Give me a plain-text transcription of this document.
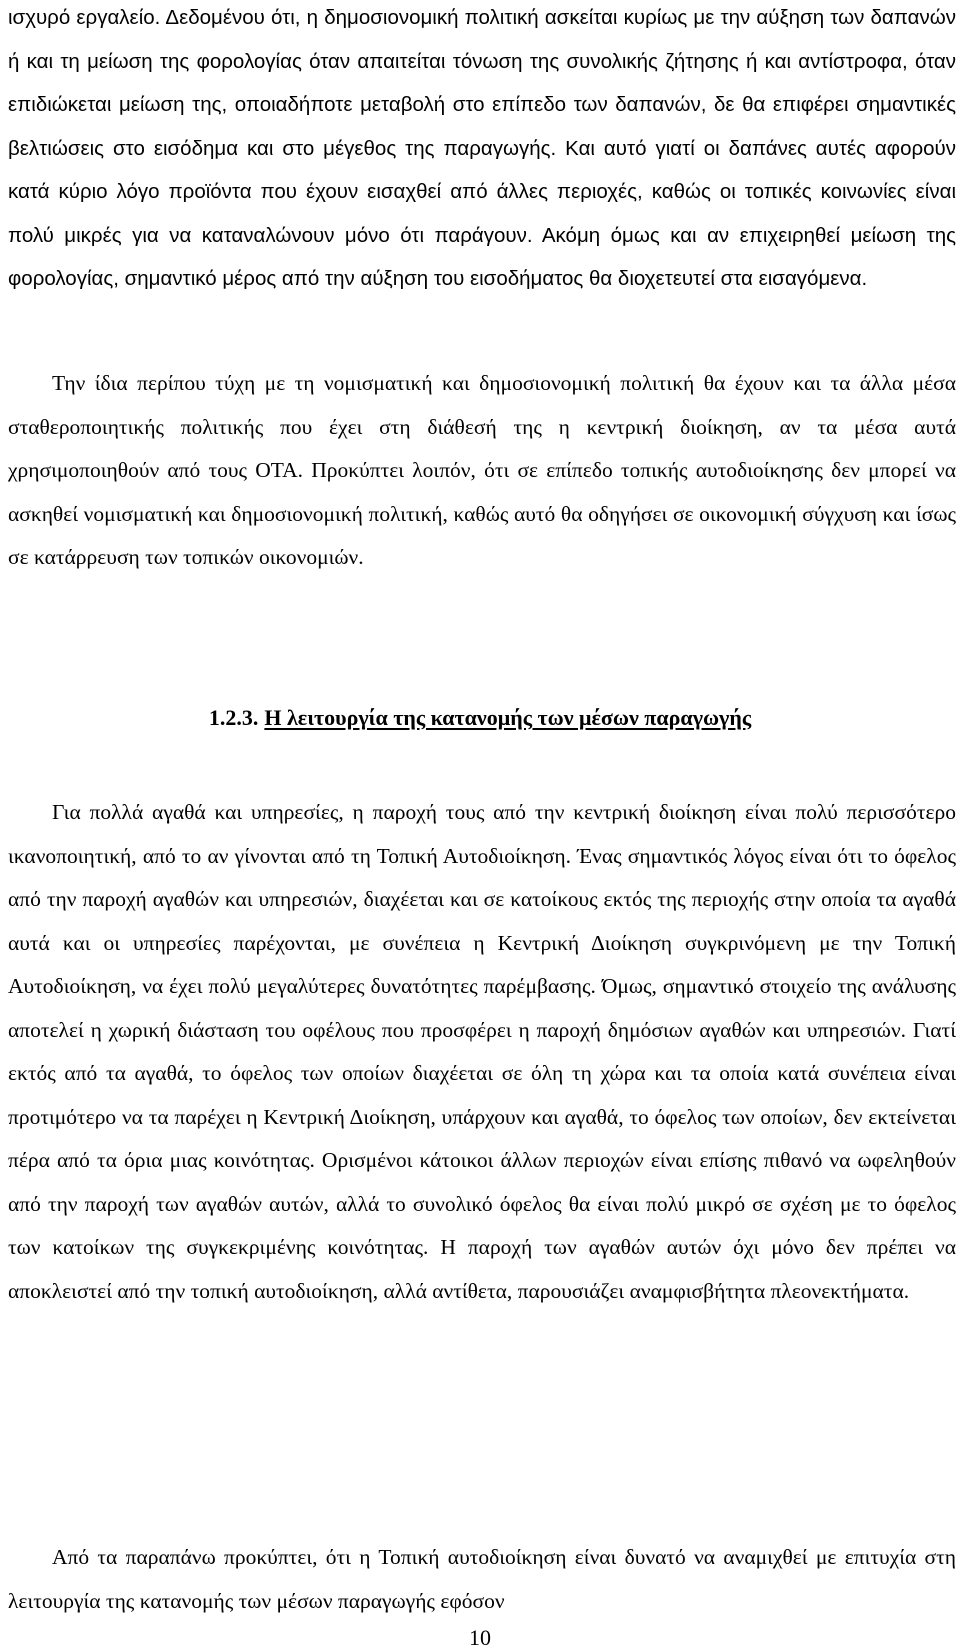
ισχυρό εργαλείο. Δεδομένου ότι, η δημοσιονομική πολιτική ασκείται κυρίως με την αύξηση των δαπανών ή και τη μείωση της φορολογίας όταν απαιτείται τόνωση της συνολικής ζήτησης ή και αντίστροφα, όταν επιδιώκεται μείωση της, οποιαδήποτε μεταβολή στο επίπεδο των δαπανών, δε θα επιφέρει σημαντικές βελτιώσεις στο εισόδημα και στο μέγεθος της παραγωγής. Και αυτό γιατί οι δαπάνες αυτές αφορούν κατά κύριο λόγο προϊόντα που έχουν εισαχθεί από άλλες περιοχές, καθώς οι τοπικές κοινωνίες είναι πολύ μικρές για να καταναλώνουν μόνο ότι παράγουν. Ακόμη όμως και αν επιχειρηθεί μείωση της φορολογίας, σημαντικό μέρος από την αύξηση του εισοδήματος θα διοχετευτεί στα εισαγόμενα.

Την ίδια περίπου τύχη με τη νομισματική και δημοσιονομική πολιτική θα έχουν και τα άλλα μέσα σταθεροποιητικής πολιτικής που έχει στη διάθεσή της η κεντρική διοίκηση, αν τα μέσα αυτά χρησιμοποιηθούν από τους ΟΤΑ. Προκύπτει λοιπόν, ότι σε επίπεδο τοπικής αυτοδιοίκησης δεν μπορεί να ασκηθεί νομισματική και δημοσιονομική πολιτική, καθώς αυτό θα οδηγήσει σε οικονομική σύγχυση και ίσως σε κατάρρευση των τοπικών οικονομιών.

1.2.3. Η λειτουργία της κατανομής των μέσων παραγωγής

Για πολλά αγαθά και υπηρεσίες, η παροχή τους από την κεντρική διοίκηση είναι πολύ περισσότερο ικανοποιητική, από το αν γίνονται από τη Τοπική Αυτοδιοίκηση. Ένας σημαντικός λόγος είναι ότι το όφελος από την παροχή αγαθών και υπηρεσιών, διαχέεται και σε κατοίκους εκτός της περιοχής στην οποία τα αγαθά αυτά και οι υπηρεσίες παρέχονται, με συνέπεια η Κεντρική Διοίκηση συγκρινόμενη με την Τοπική Αυτοδιοίκηση, να έχει πολύ μεγαλύτερες δυνατότητες παρέμβασης. Όμως, σημαντικό στοιχείο της ανάλυσης αποτελεί η χωρική διάσταση του οφέλους που προσφέρει η παροχή δημόσιων αγαθών και υπηρεσιών. Γιατί εκτός από τα αγαθά, το όφελος των οποίων διαχέεται σε όλη τη χώρα και τα οποία κατά συνέπεια είναι προτιμότερο να τα παρέχει η Κεντρική Διοίκηση, υπάρχουν και αγαθά, το όφελος των οποίων, δεν εκτείνεται πέρα από τα όρια μιας κοινότητας. Ορισμένοι κάτοικοι άλλων περιοχών είναι επίσης πιθανό να ωφεληθούν από την παροχή των αγαθών αυτών, αλλά το συνολικό όφελος θα είναι πολύ μικρό σε σχέση με το όφελος των κατοίκων της συγκεκριμένης κοινότητας. Η παροχή των αγαθών αυτών όχι μόνο δεν πρέπει να αποκλειστεί από την τοπική αυτοδιοίκηση, αλλά αντίθετα, παρουσιάζει αναμφισβήτητα πλεονεκτήματα.

Από τα παραπάνω προκύπτει, ότι η Τοπική αυτοδιοίκηση είναι δυνατό να αναμιχθεί με επιτυχία στη λειτουργία της κατανομής των μέσων παραγωγής εφόσον

10
